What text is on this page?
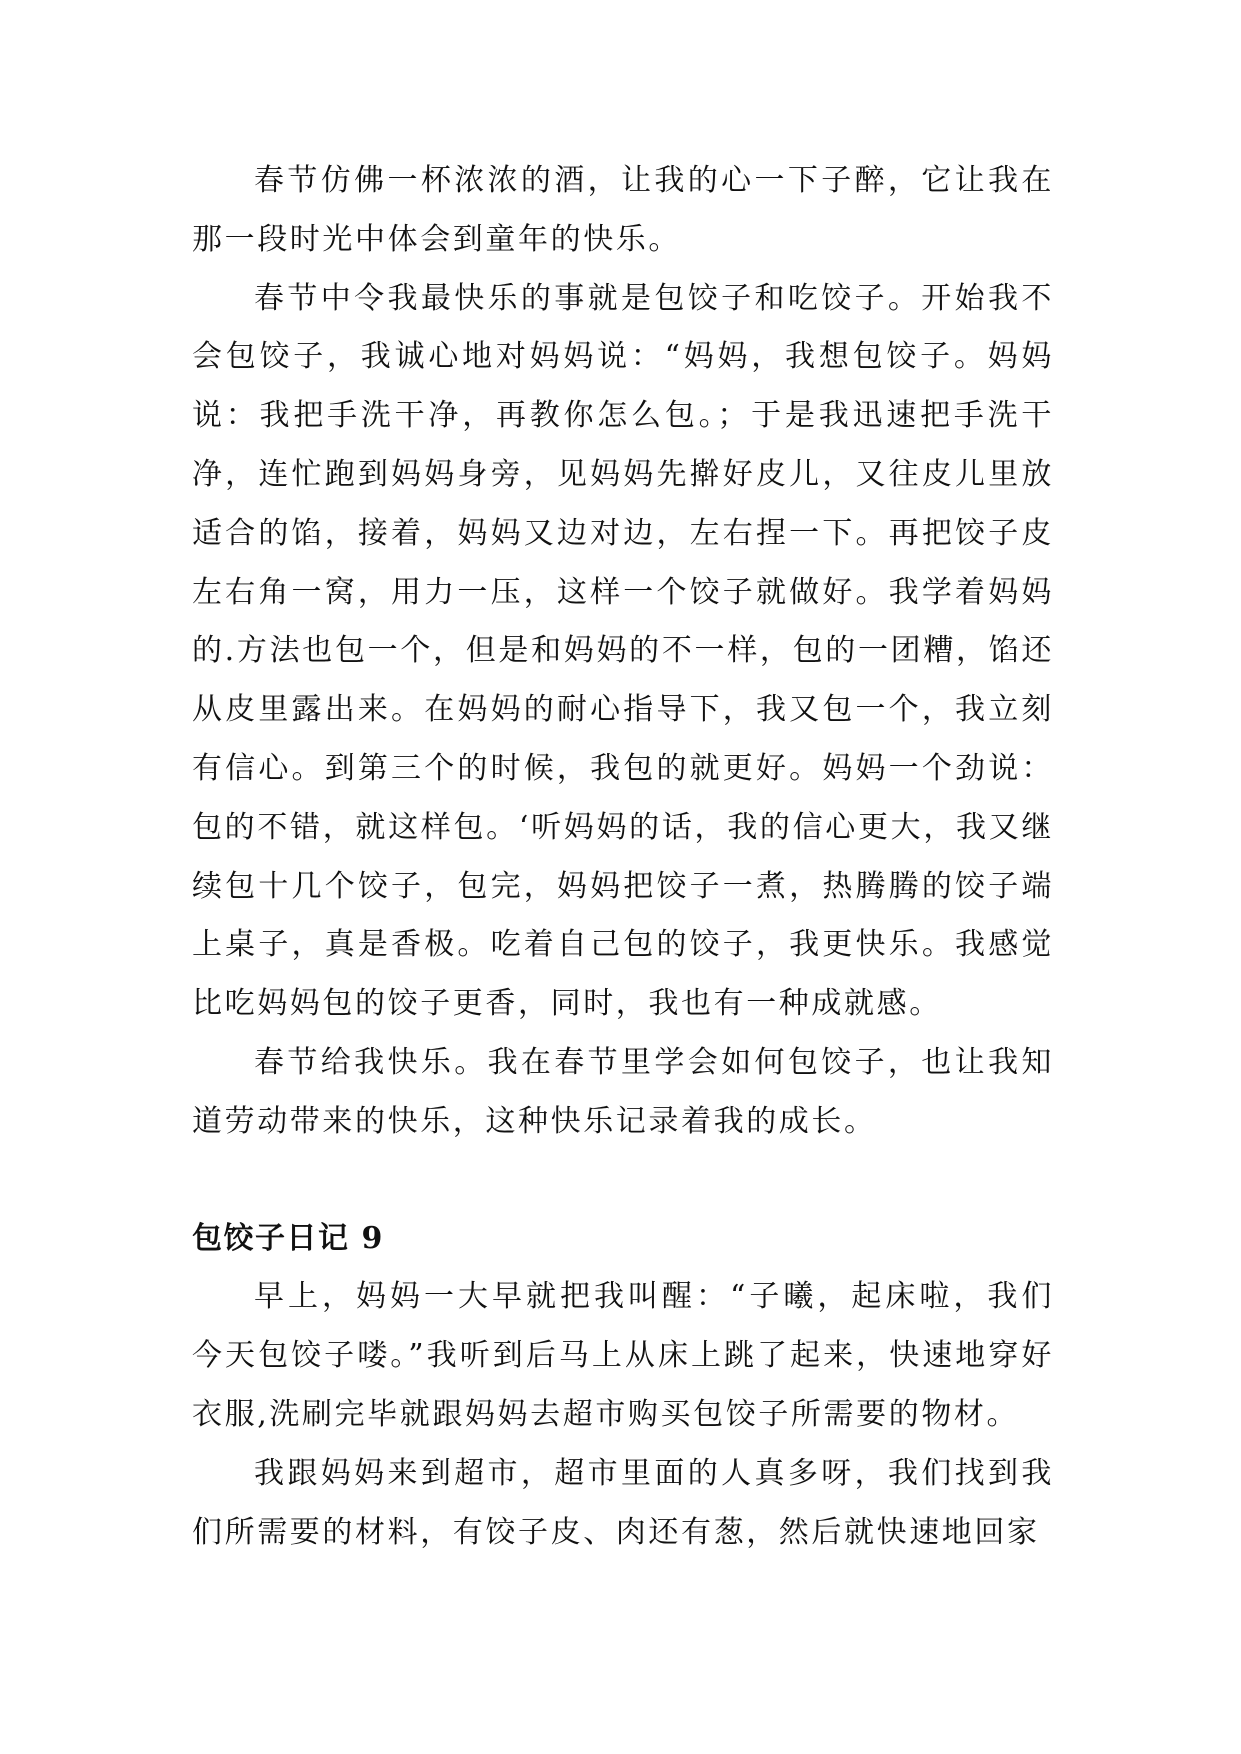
春节仿佛一杯浓浓的酒，让我的心一下子醉，它让我在那一段时光中体会到童年的快乐。

春节中令我最快乐的事就是包饺子和吃饺子。开始我不会包饺子，我诚心地对妈妈说：“妈妈，我想包饺子。妈妈说：我把手洗干净，再教你怎么包。；于是我迅速把手洗干净，连忙跑到妈妈身旁，见妈妈先擀好皮儿，又往皮儿里放适合的馅，接着，妈妈又边对边，左右捏一下。再把饺子皮左右角一窝，用力一压，这样一个饺子就做好。我学着妈妈的.方法也包一个，但是和妈妈的不一样，包的一团糟，馅还从皮里露出来。在妈妈的耐心指导下，我又包一个，我立刻有信心。到第三个的时候，我包的就更好。妈妈一个劲说：包的不错，就这样包。‘听妈妈的话，我的信心更大，我又继续包十几个饺子，包完，妈妈把饺子一煮，热腾腾的饺子端上桌子，真是香极。吃着自己包的饺子，我更快乐。我感觉比吃妈妈包的饺子更香，同时，我也有一种成就感。

春节给我快乐。我在春节里学会如何包饺子，也让我知道劳动带来的快乐，这种快乐记录着我的成长。

包饺子日记 9

早上，妈妈一大早就把我叫醒：“子曦，起床啦，我们今天包饺子喽。”我听到后马上从床上跳了起来，快速地穿好衣服,洗刷完毕就跟妈妈去超市购买包饺子所需要的物材。

我跟妈妈来到超市，超市里面的人真多呀，我们找到我们所需要的材料，有饺子皮、肉还有葱，然后就快速地回家
